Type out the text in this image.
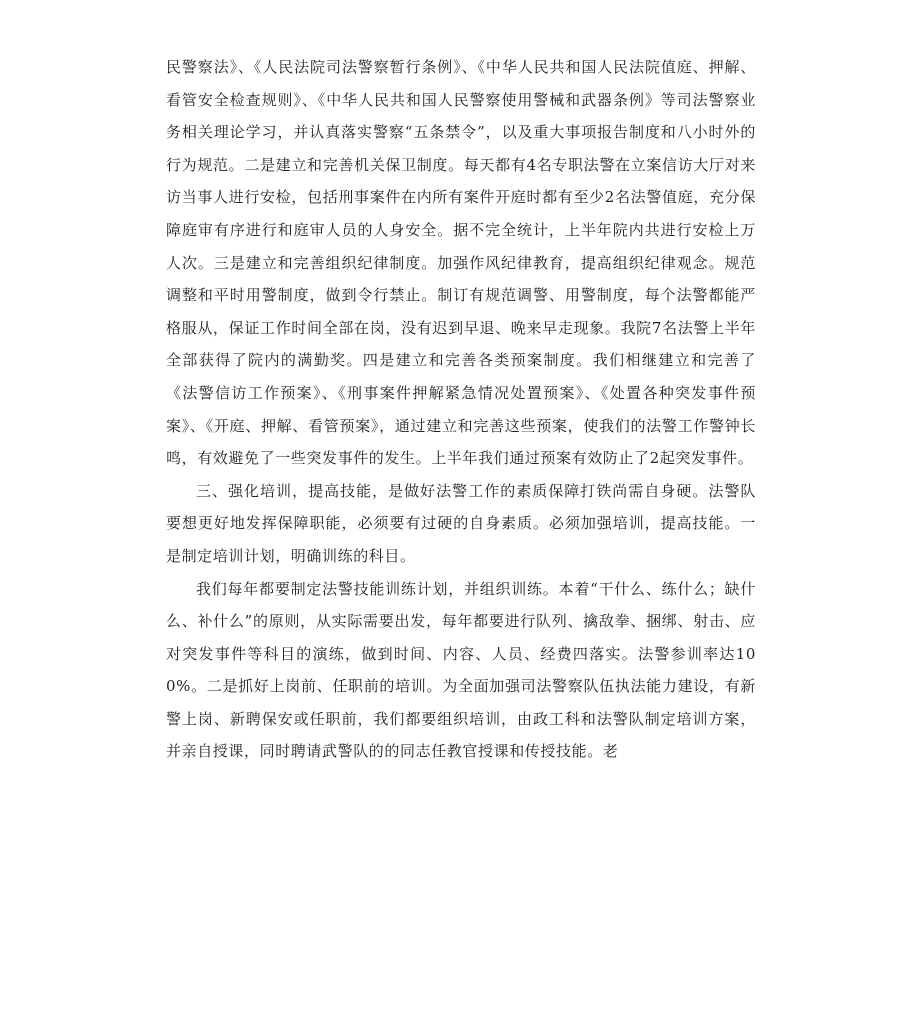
民警察法》、《人民法院司法警察暂行条例》、《中华人民共和国人民法院值庭、押解、看管安全检查规则》、《中华人民共和国人民警察使用警械和武器条例》等司法警察业务相关理论学习，并认真落实警察“五条禁令”，以及重大事项报告制度和八小时外的行为规范。二是建立和完善机关保卫制度。每天都有4名专职法警在立案信访大厅对来访当事人进行安检，包括刑事案件在内所有案件开庭时都有至少2名法警值庭，充分保障庭审有序进行和庭审人员的人身安全。据不完全统计，上半年院内共进行安检上万人次。三是建立和完善组织纪律制度。加强作风纪律教育，提高组织纪律观念。规范调整和平时用警制度，做到令行禁止。制订有规范调警、用警制度，每个法警都能严格服从，保证工作时间全部在岗，没有迟到早退、晚来早走现象。我院7名法警上半年全部获得了院内的满勤奖。四是建立和完善各类预案制度。我们相继建立和完善了《法警信访工作预案》、《刑事案件押解紧急情况处置预案》、《处置各种突发事件预案》、《开庭、押解、看管预案》，通过建立和完善这些预案，使我们的法警工作警钟长鸣，有效避免了一些突发事件的发生。上半年我们通过预案有效防止了2起突发事件。

三、强化培训，提高技能，是做好法警工作的素质保障打铁尚需自身硬。法警队要想更好地发挥保障职能，必须要有过硬的自身素质。必须加强培训，提高技能。一是制定培训计划，明确训练的科目。

我们每年都要制定法警技能训练计划，并组织训练。本着“干什么、练什么；缺什么、补什么”的原则，从实际需要出发，每年都要进行队列、擒敌拳、捆绑、射击、应对突发事件等科目的演练，做到时间、内容、人员、经费四落实。法警参训率达100%。二是抓好上岗前、任职前的培训。为全面加强司法警察队伍执法能力建设，有新警上岗、新聘保安或任职前，我们都要组织培训，由政工科和法警队制定培训方案，并亲自授课，同时聘请武警队的的同志任教官授课和传授技能。老
